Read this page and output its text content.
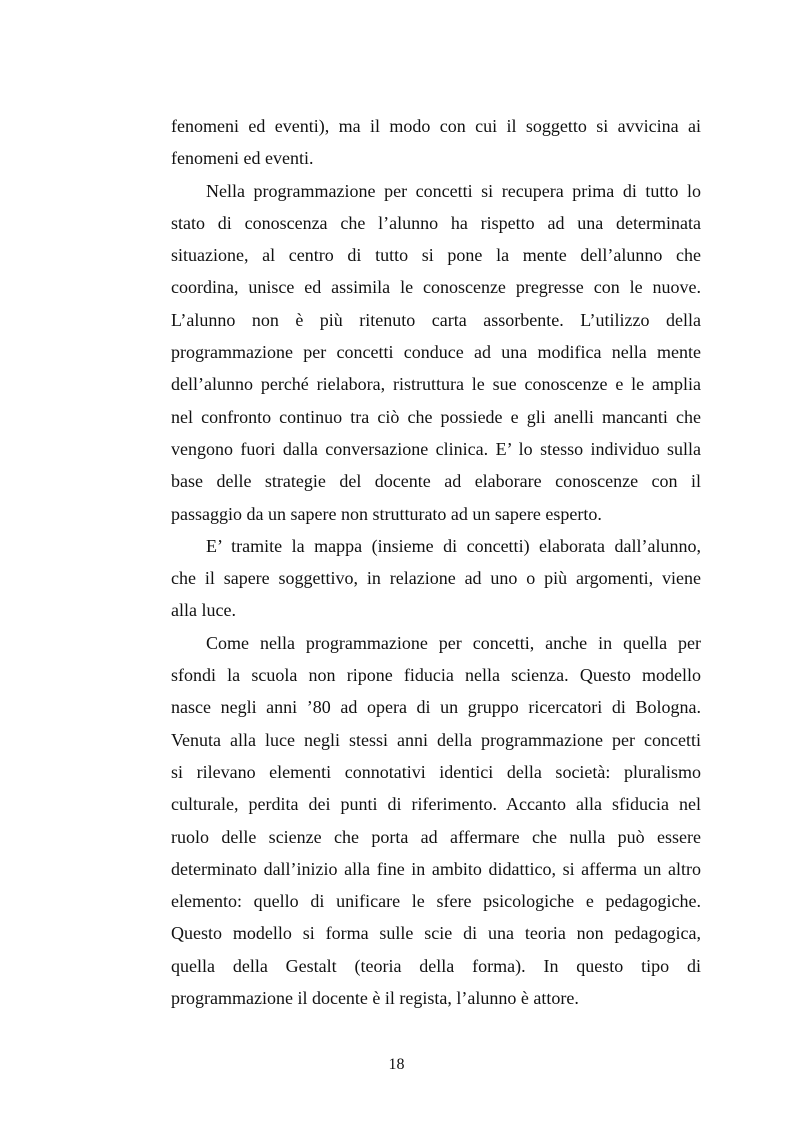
fenomeni ed eventi), ma il modo con cui il soggetto si avvicina ai
fenomeni ed eventi.

Nella programmazione per concetti si recupera prima di tutto lo
stato di conoscenza che l’alunno ha rispetto ad una determinata
situazione, al centro di tutto si pone la mente dell’alunno che
coordina, unisce ed assimila le conoscenze pregresse con le nuove.
L’alunno non è più ritenuto carta assorbente. L’utilizzo della
programmazione per concetti conduce ad una modifica nella mente
dell’alunno perché rielabora, ristruttura le sue conoscenze e le amplia
nel confronto continuo tra ciò che possiede e gli anelli mancanti che
vengono fuori dalla conversazione clinica. E’ lo stesso individuo sulla
base delle strategie del docente ad elaborare conoscenze con il
passaggio da un sapere non strutturato ad un sapere esperto.

E’ tramite la mappa (insieme di concetti) elaborata dall’alunno,
che il sapere soggettivo, in relazione ad uno o più argomenti, viene
alla luce.

Come nella programmazione per concetti, anche in quella per
sfondi la scuola non ripone fiducia nella scienza. Questo modello
nasce negli anni ’80 ad opera di un gruppo ricercatori di Bologna.
Venuta alla luce negli stessi anni della programmazione per concetti
si rilevano elementi connotativi identici della società: pluralismo
culturale, perdita dei punti di riferimento. Accanto alla sfiducia nel
ruolo delle scienze che porta ad affermare che nulla può essere
determinato dall’inizio alla fine in ambito didattico, si afferma un altro
elemento: quello di unificare le sfere psicologiche e pedagogiche.
Questo modello si forma sulle scie di una teoria non pedagogica,
quella della Gestalt (teoria della forma). In questo tipo di
programmazione il docente è il regista, l’alunno è attore.

18
